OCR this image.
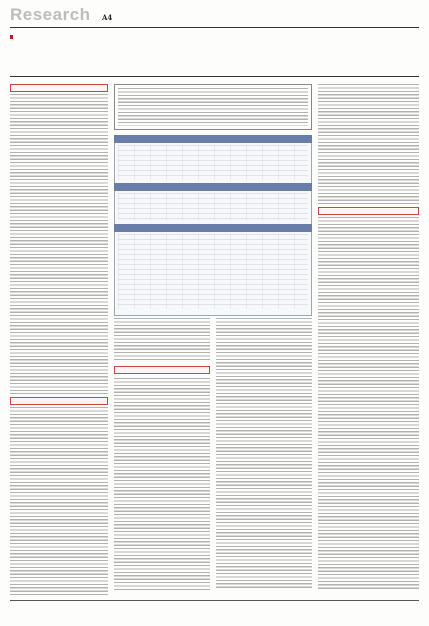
Research A4
